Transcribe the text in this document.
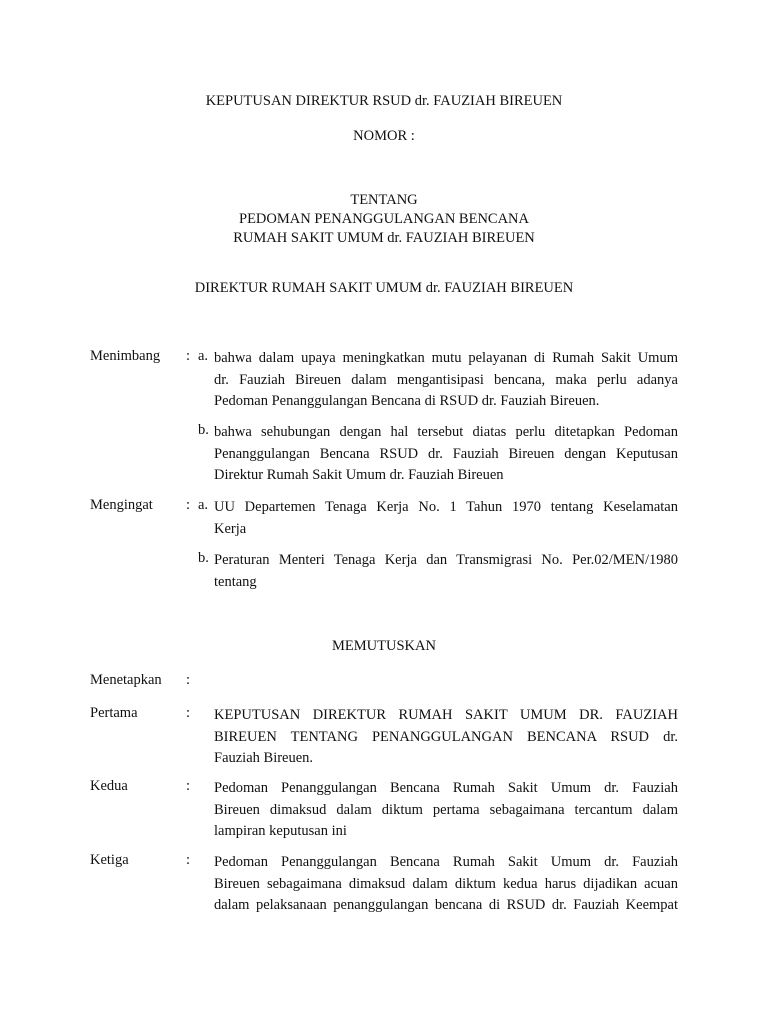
KEPUTUSAN DIREKTUR RSUD dr. FAUZIAH BIREUEN
NOMOR :
TENTANG
PEDOMAN PENANGGULANGAN BENCANA
RUMAH SAKIT UMUM dr. FAUZIAH BIREUEN
DIREKTUR RUMAH SAKIT UMUM dr. FAUZIAH BIREUEN
Menimbang : a. bahwa dalam upaya meningkatkan mutu pelayanan di Rumah Sakit Umum
dr. Fauziah Bireuen dalam mengantisipasi bencana, maka perlu adanya
Pedoman Penanggulangan Bencana di RSUD dr. Fauziah Bireuen.
b. bahwa sehubungan dengan hal tersebut diatas perlu ditetapkan Pedoman
Penanggulangan Bencana RSUD dr. Fauziah Bireuen dengan Keputusan
Direktur Rumah Sakit Umum dr. Fauziah Bireuen
Mengingat : a. UU Departemen Tenaga Kerja No. 1 Tahun 1970 tentang Keselamatan
Kerja
b. Peraturan Menteri Tenaga Kerja dan Transmigrasi No. Per.02/MEN/1980
tentang
MEMUTUSKAN
Menetapkan :
Pertama	: KEPUTUSAN DIREKTUR RUMAH SAKIT UMUM DR. FAUZIAH
BIREUEN TENTANG PENANGGULANGAN BENCANA RSUD dr.
Fauziah Bireuen.
Kedua	: Pedoman Penanggulangan Bencana Rumah Sakit Umum dr. Fauziah
Bireuen dimaksud dalam diktum pertama sebagaimana tercantum dalam
lampiran keputusan ini
Ketiga	: Pedoman Penanggulangan Bencana Rumah Sakit Umum dr. Fauziah
Bireuen sebagaimana dimaksud dalam diktum kedua harus dijadikan acuan
dalam pelaksanaan penanggulangan bencana di RSUD dr. Fauziah Keempat
